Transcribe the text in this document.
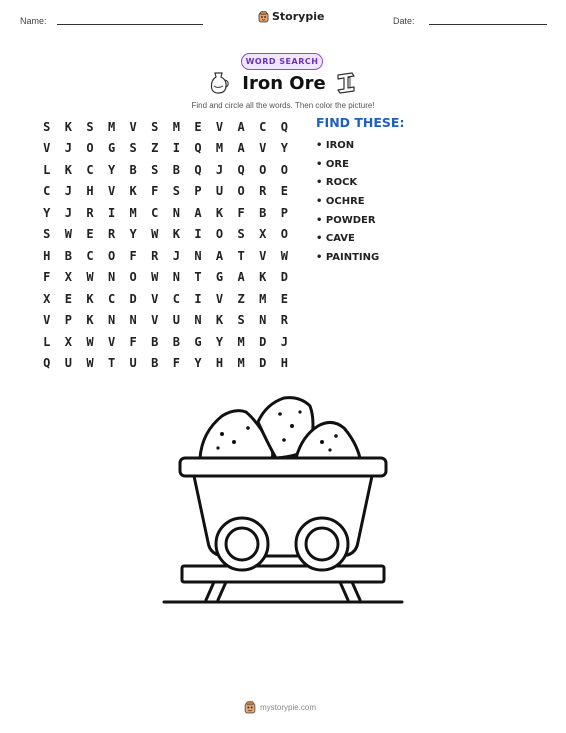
Name:	Storypie	Date:
WORD SEARCH
Iron Ore
Find and circle all the words. Then color the picture!
S	K	S	M	V	S	M	E	V	A	C	Q
V	J	O	G	S	Z	I	Q	M	A	V	Y
L	K	C	Y	B	S	B	Q	J	Q	O	O
C	J	H	V	K	F	S	P	U	O	R	E
Y	J	R	I	M	C	N	A	K	F	B	P
S	W	E	R	Y	W	K	I	O	S	X	O
H	B	C	O	F	R	J	N	A	T	V	W
F	X	W	N	O	W	N	T	G	A	K	D
X	E	K	C	D	V	C	I	V	Z	M	E
V	P	K	N	N	V	U	N	K	S	N	R
L	X	W	V	F	B	B	G	Y	M	D	J
Q	U	W	T	U	B	F	Y	H	M	D	H
FIND THESE:
• IRON
• ORE
• ROCK
• OCHRE
• POWDER
• CAVE
• PAINTING
mystorypie.com
